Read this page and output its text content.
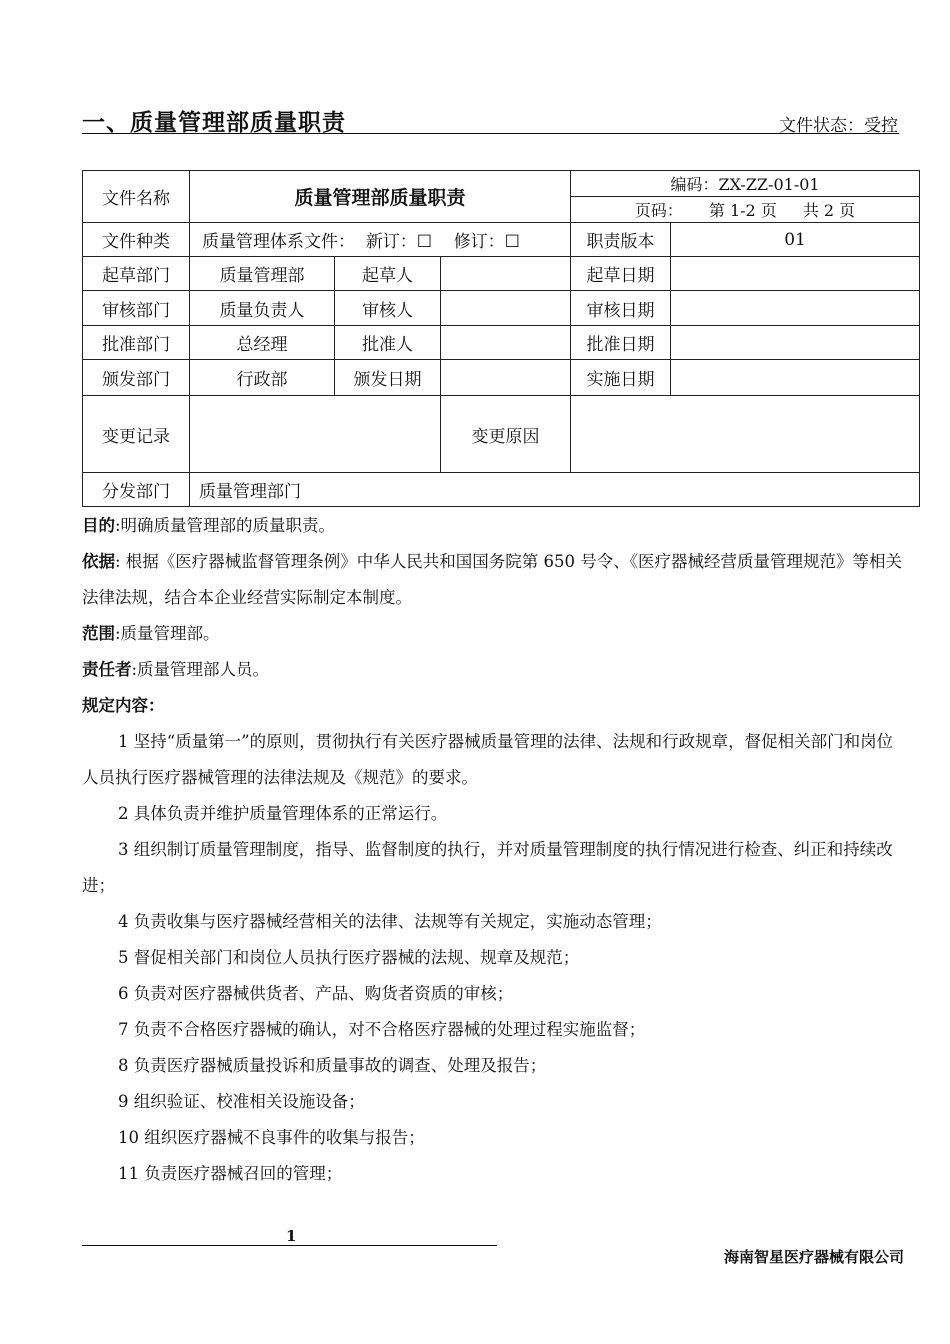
一、质量管理部质量职责	文件状态：受控
文件名称	质量管理部质量职责			编码：ZX-ZZ-01-01	
				页码： 第 1-2 页 共 2 页	
文件种类	质量管理体系文件： 新订：☐ 修订：☐			职责版本	01
起草部门	质量管理部	起草人		起草日期	
审核部门	质量负责人	审核人		审核日期	
批准部门	总经理	批准人		批准日期	
颁发部门	行政部	颁发日期		实施日期	
变更记录			变更原因		
分发部门	质量管理部门				

目的:明确质量管理部的质量职责。

依据: 根据《医疗器械监督管理条例》中华人民共和国国务院第 650 号令、《医疗器械经营质量管理规范》等相关法律法规，结合本企业经营实际制定本制度。

范围:质量管理部。

责任者:质量管理部人员。

规定内容：

1 坚持“质量第一”的原则，贯彻执行有关医疗器械质量管理的法律、法规和行政规章，督促相关部门和岗位人员执行医疗器械管理的法律法规及《规范》的要求。

2 具体负责并维护质量管理体系的正常运行。

3 组织制订质量管理制度，指导、监督制度的执行，并对质量管理制度的执行情况进行检查、纠正和持续改进；

4 负责收集与医疗器械经营相关的法律、法规等有关规定，实施动态管理；

5 督促相关部门和岗位人员执行医疗器械的法规、规章及规范；

6 负责对医疗器械供货者、产品、购货者资质的审核；

7 负责不合格医疗器械的确认，对不合格医疗器械的处理过程实施监督；

8 负责医疗器械质量投诉和质量事故的调查、处理及报告；

9 组织验证、校准相关设施设备；

10 组织医疗器械不良事件的收集与报告；

11 负责医疗器械召回的管理；

1
海南智星医疗器械有限公司
